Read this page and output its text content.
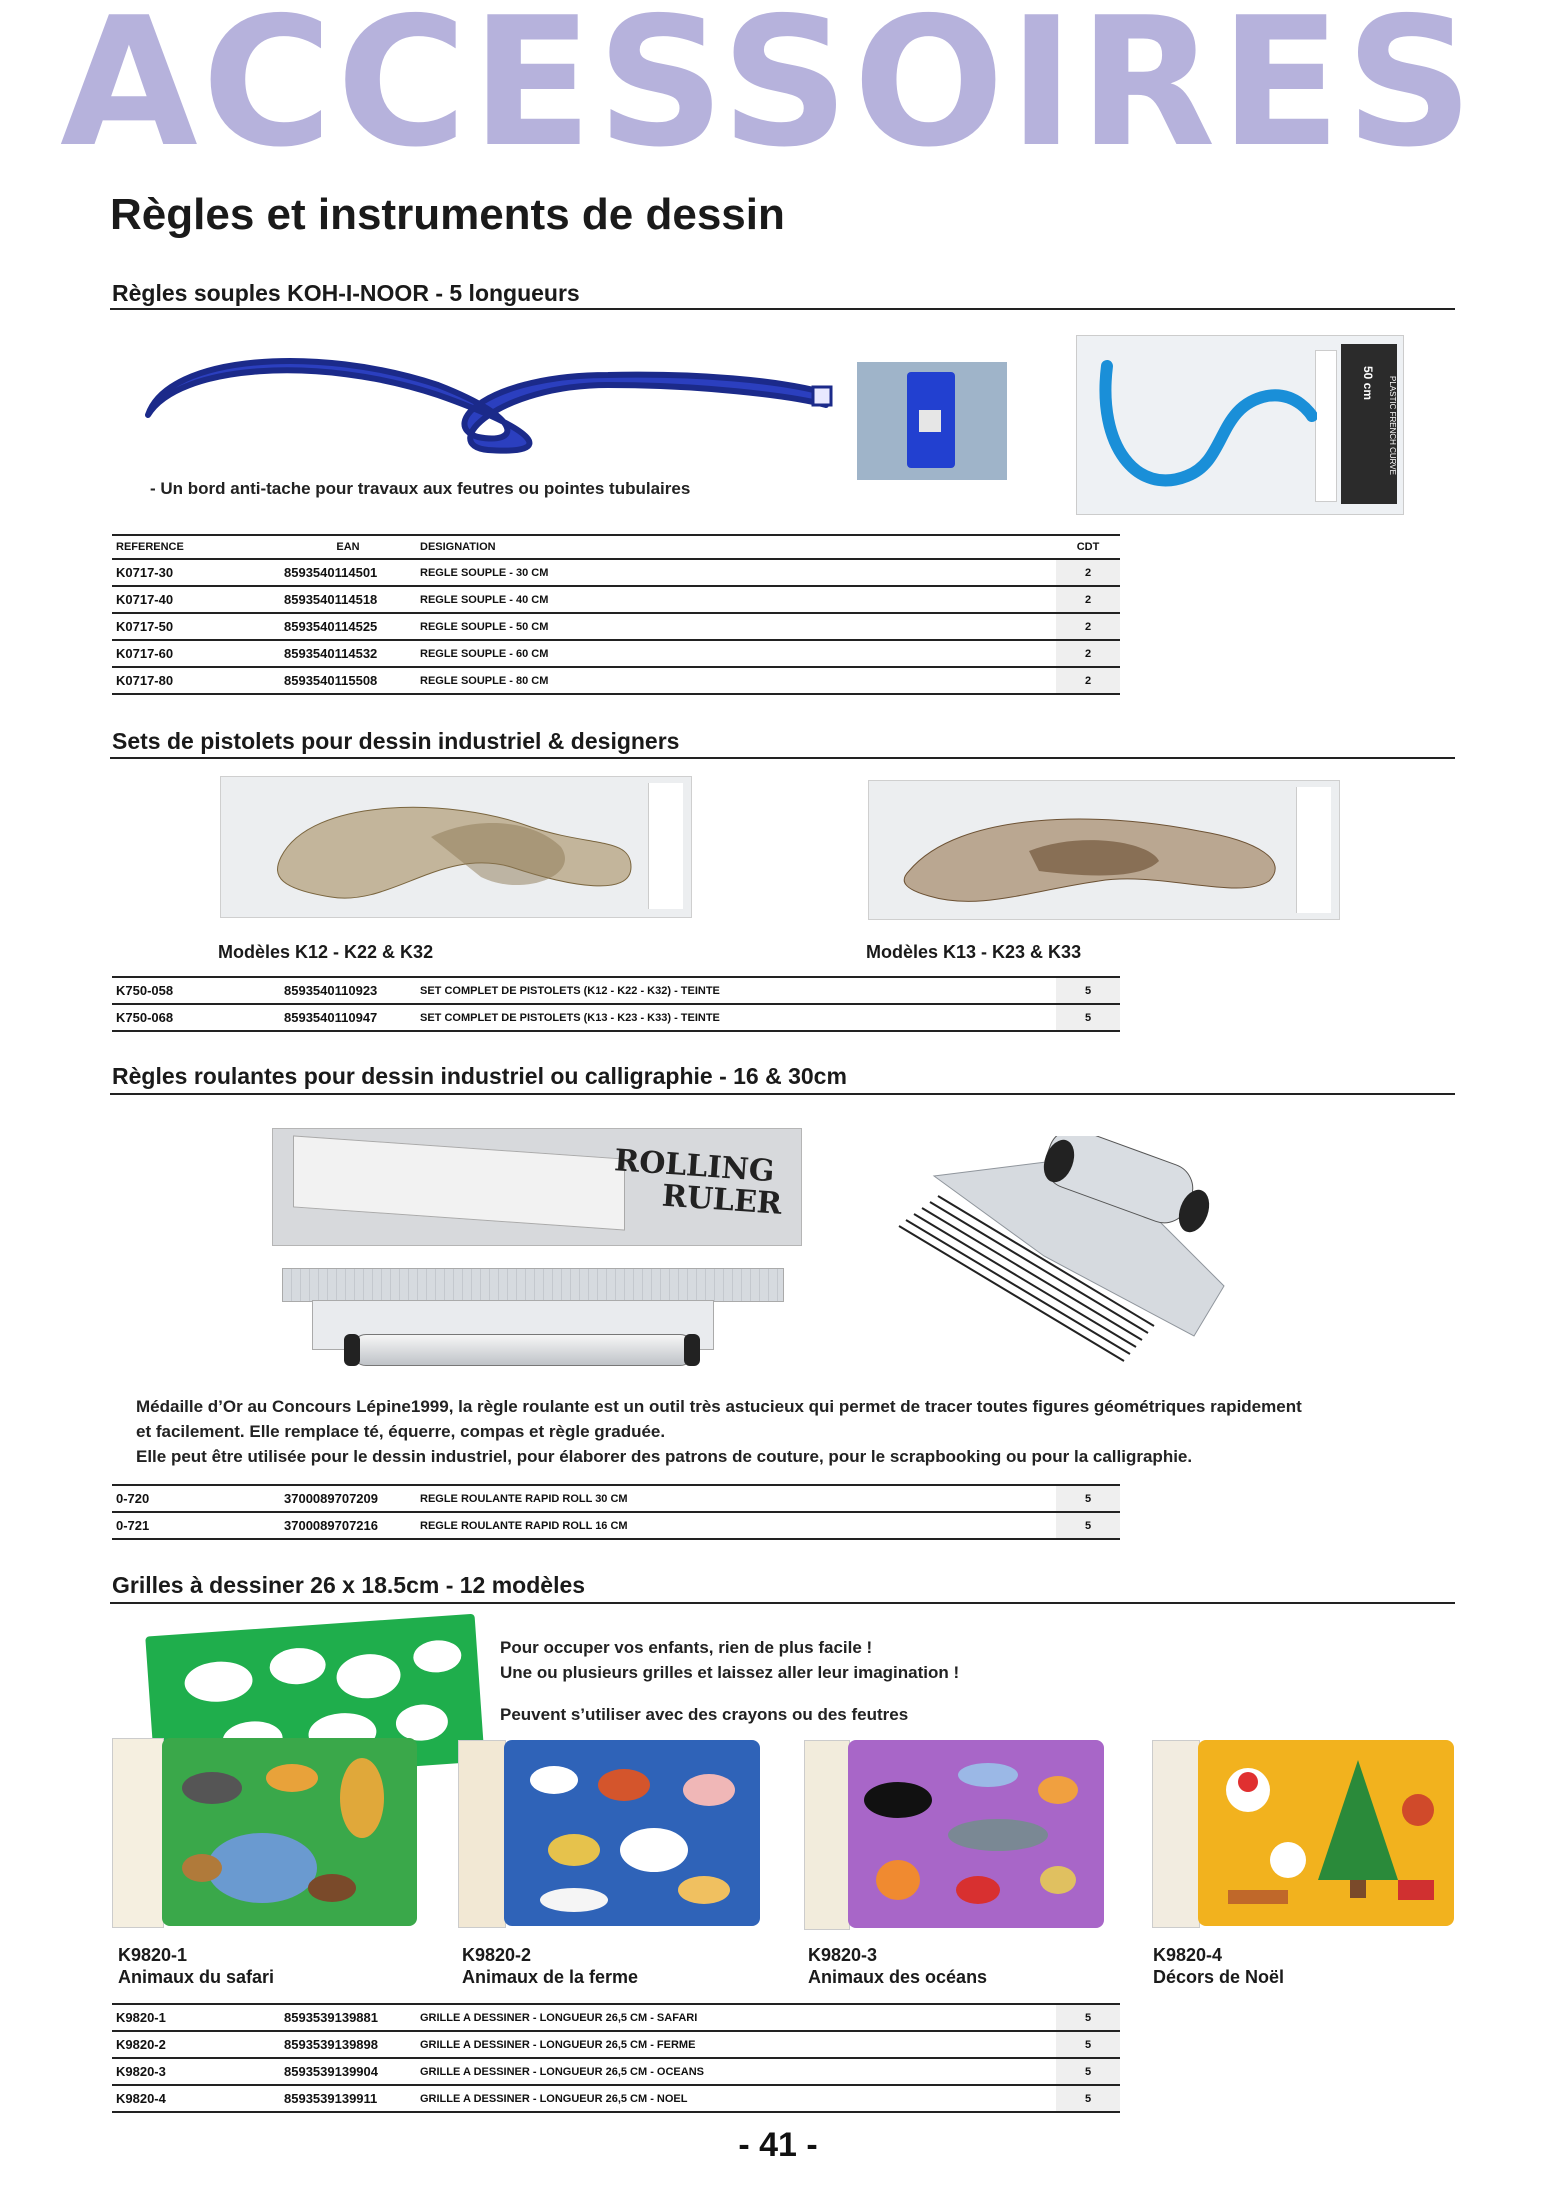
ACCESSOIRES
Règles et instruments de dessin
Règles souples KOH-I-NOOR - 5 longueurs
50 cm PLASTIC FRENCH CURVE
- Un bord anti-tache pour travaux aux feutres ou pointes tubulaires
REFERENCE	EAN	DESIGNATION	CDT
K0717-30	8593540114501	REGLE SOUPLE - 30 CM	2
K0717-40	8593540114518	REGLE SOUPLE - 40 CM	2
K0717-50	8593540114525	REGLE SOUPLE - 50 CM	2
K0717-60	8593540114532	REGLE SOUPLE - 60 CM	2
K0717-80	8593540115508	REGLE SOUPLE - 80 CM	2
Sets de pistolets pour dessin industriel & designers
Modèles K12 - K22 & K32	Modèles K13 - K23 & K33
K750-058	8593540110923	SET COMPLET DE PISTOLETS (K12 - K22 - K32) - TEINTE	5
K750-068	8593540110947	SET COMPLET DE PISTOLETS (K13 - K23 - K33) - TEINTE	5
Règles roulantes pour dessin industriel ou calligraphie - 16 & 30cm
ROLLING
RULER
Médaille d’Or au Concours Lépine1999, la règle roulante est un outil très astucieux qui permet de tracer toutes figures géométriques rapidement
et facilement. Elle remplace té, équerre, compas et règle graduée.
Elle peut être utilisée pour le dessin industriel, pour élaborer des patrons de couture, pour le scrapbooking ou pour la calligraphie.
0-720	3700089707209	REGLE ROULANTE RAPID ROLL 30 CM	5
0-721	3700089707216	REGLE ROULANTE RAPID ROLL 16 CM	5
Grilles à dessiner 26 x 18.5cm - 12 modèles
Pour occuper vos enfants, rien de plus facile !
Une ou plusieurs grilles et laissez aller leur imagination !
Peuvent s’utiliser avec des crayons ou des feutres
K9820-1
Animaux du safari
K9820-2
Animaux de la ferme
K9820-3
Animaux des océans
K9820-4
Décors de Noël
K9820-1	8593539139881	GRILLE A DESSINER - LONGUEUR 26,5 CM - SAFARI	5
K9820-2	8593539139898	GRILLE A DESSINER - LONGUEUR 26,5 CM - FERME	5
K9820-3	8593539139904	GRILLE A DESSINER - LONGUEUR 26,5 CM - OCEANS	5
K9820-4	8593539139911	GRILLE A DESSINER - LONGUEUR 26,5 CM - NOEL	5
- 41 -
